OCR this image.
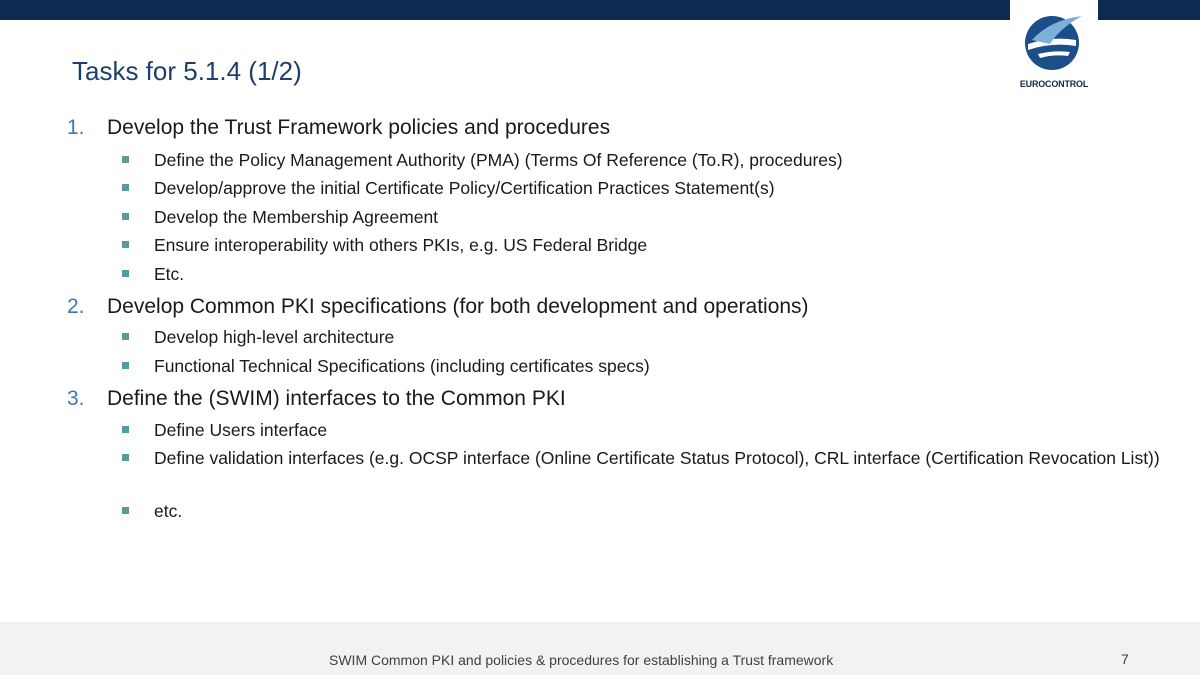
EUROCONTROL
Tasks for 5.1.4 (1/2)
1. Develop the Trust Framework policies and procedures
Define the Policy Management Authority (PMA) (Terms Of Reference (To.R), procedures)
Develop/approve the initial Certificate Policy/Certification Practices Statement(s)
Develop the Membership Agreement
Ensure interoperability with others PKIs, e.g. US Federal Bridge
Etc.
2. Develop Common PKI specifications (for both development and operations)
Develop high-level architecture
Functional Technical Specifications (including certificates specs)
3. Define the (SWIM) interfaces to the Common PKI
Define Users interface
Define validation interfaces (e.g. OCSP interface (Online Certificate Status Protocol), CRL interface (Certification Revocation List))
etc.
SWIM Common PKI and policies & procedures for establishing a Trust framework	7
